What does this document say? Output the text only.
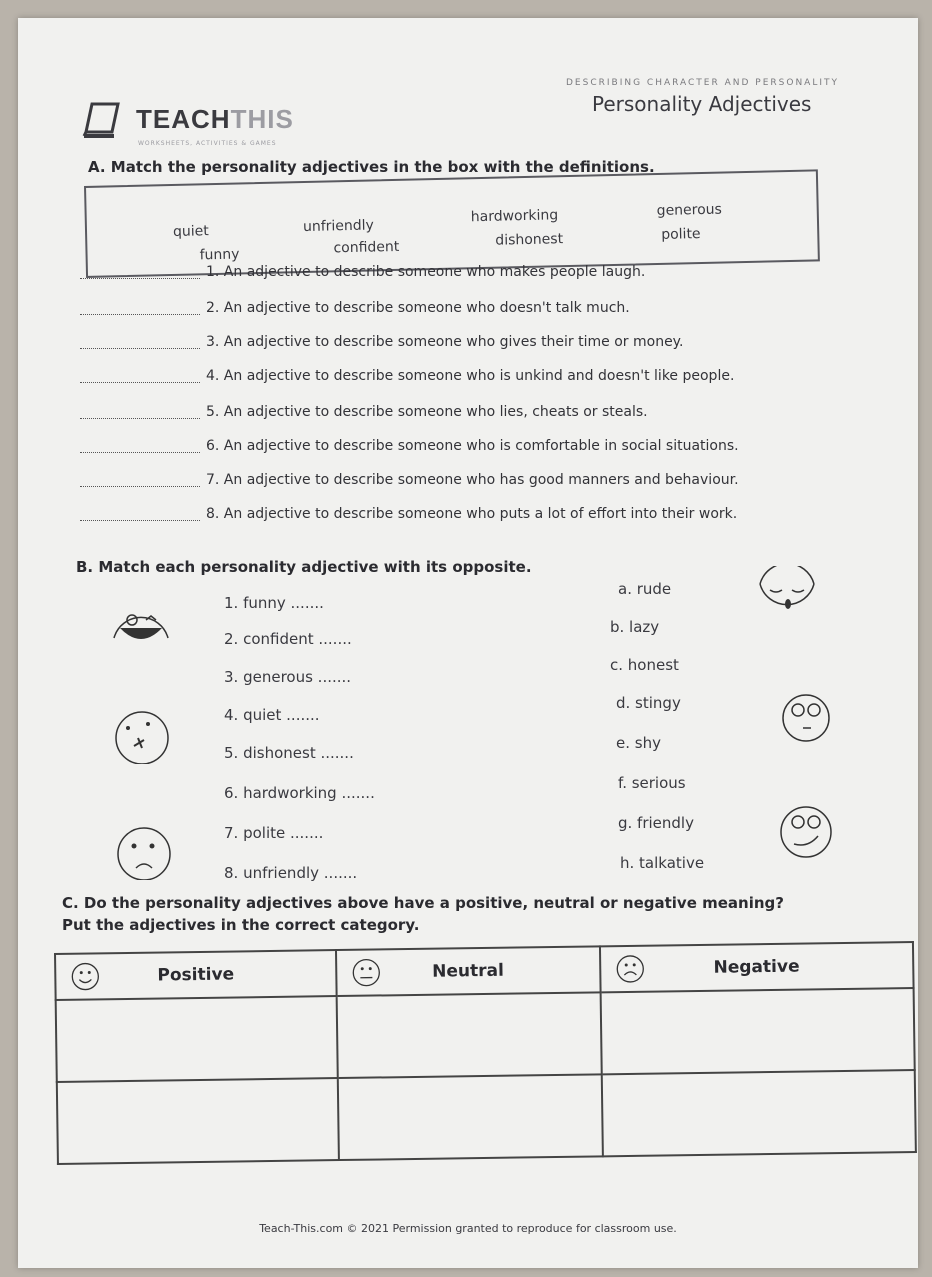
DESCRIBING CHARACTER AND PERSONALITY
TEACHTHIS
WORKSHEETS, ACTIVITIES & GAMES
Personality Adjectives
A. Match the personality adjectives in the box with the definitions.
quiet	unfriendly
hardworking	generous
funny	confident	dishonest	polite
1. An adjective to describe someone who makes people laugh.
2. An adjective to describe someone who doesn't talk much.
3. An adjective to describe someone who gives their time or money.
4. An adjective to describe someone who is unkind and doesn't like people.
5. An adjective to describe someone who lies, cheats or steals.
6. An adjective to describe someone who is comfortable in social situations.
7. An adjective to describe someone who has good manners and behaviour.
8. An adjective to describe someone who puts a lot of effort into their work.
B. Match each personality adjective with its opposite.
1. funny .......
2. confident .......
3. generous .......
4. quiet .......
5. dishonest .......
6. hardworking .......
7. polite .......
8. unfriendly .......
a. rude
b. lazy
c. honest
d. stingy
e. shy
f. serious
g. friendly
h. talkative
C. Do the personality adjectives above have a positive, neutral or negative meaning?
Put the adjectives in the correct category.
Positive	Neutral	Negative

Teach-This.com © 2021 Permission granted to reproduce for classroom use.
